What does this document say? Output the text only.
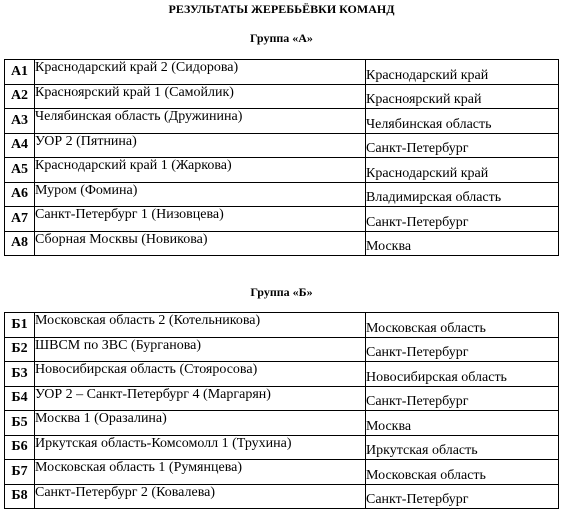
РЕЗУЛЬТАТЫ ЖЕРЕБЬЁВКИ КОМАНД
Группа «А»
А1	Краснодарский край 2 (Сидорова)	Краснодарский край
А2	Красноярский край 1 (Самойлик)	Красноярский край
А3	Челябинская область (Дружинина)	Челябинская область
А4	УОР 2 (Пятнина)	Санкт-Петербург
А5	Краснодарский край 1 (Жаркова)	Краснодарский край
А6	Муром (Фомина)	Владимирская область
А7	Санкт-Петербург 1 (Низовцева)	Санкт-Петербург
А8	Сборная Москвы (Новикова)	Москва
Группа «Б»
Б1	Московская область 2 (Котельникова)	Московская область
Б2	ШВСМ по ЗВС (Бурганова)	Санкт-Петербург
Б3	Новосибирская область (Стояросова)	Новосибирская область
Б4	УОР 2 – Санкт-Петербург 4 (Маргарян)	Санкт-Петербург
Б5	Москва 1 (Оразалина)	Москва
Б6	Иркутская область-Комсомолл 1 (Трухина)	Иркутская область
Б7	Московская область 1 (Румянцева)	Московская область
Б8	Санкт-Петербург 2 (Ковалева)	Санкт-Петербург
